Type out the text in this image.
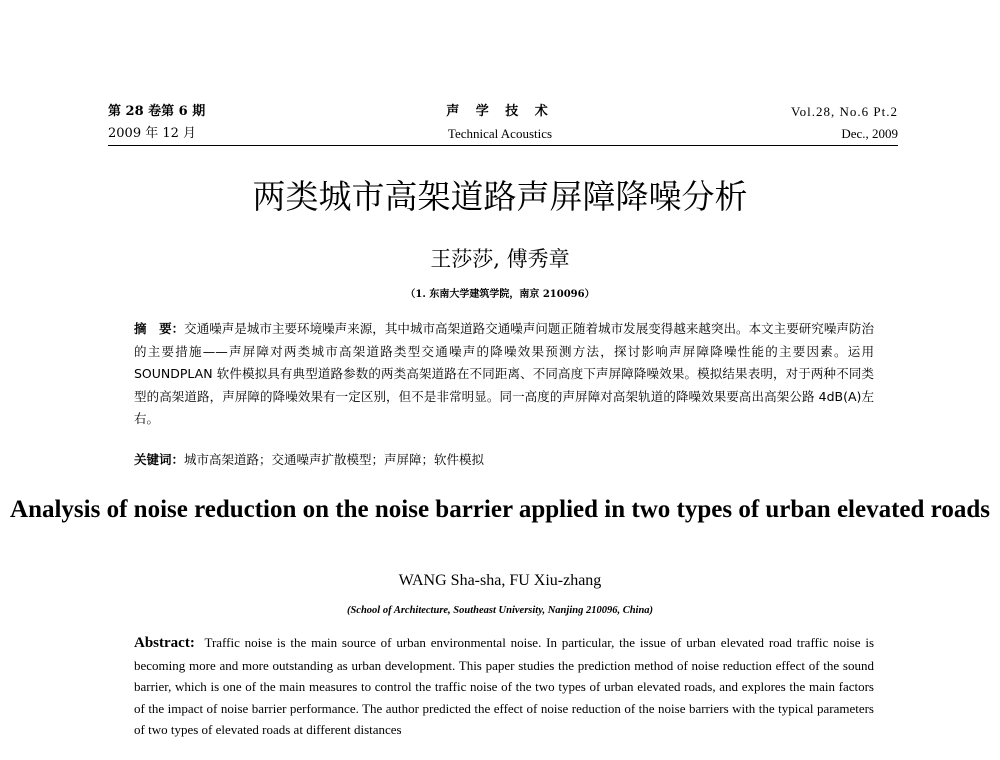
第 28 卷第 6 期
2009 年 12 月
声 学 技 术
Technical Acoustics
Vol.28, No.6 Pt.2
Dec., 2009
两类城市高架道路声屏障降噪分析
王莎莎, 傅秀章
（1. 东南大学建筑学院，南京 210096）
摘　要：交通噪声是城市主要环境噪声来源，其中城市高架道路交通噪声问题正随着城市发展变得越来越突出。本文主要研究噪声防治的主要措施——声屏障对两类城市高架道路类型交通噪声的降噪效果预测方法，探讨影响声屏障降噪性能的主要因素。运用 SOUNDPLAN 软件模拟具有典型道路参数的两类高架道路在不同距离、不同高度下声屏障降噪效果。模拟结果表明，对于两种不同类型的高架道路，声屏障的降噪效果有一定区别，但不是非常明显。同一高度的声屏障对高架轨道的降噪效果要高出高架公路 4dB(A)左右。
关键词：城市高架道路；交通噪声扩散模型；声屏障；软件模拟
Analysis of noise reduction on the noise barrier applied in two types of urban elevated roads
WANG Sha-sha, FU Xiu-zhang
(School of Architecture, Southeast University, Nanjing 210096, China)
Abstract: Traffic noise is the main source of urban environmental noise. In particular, the issue of urban elevated road traffic noise is becoming more and more outstanding as urban development. This paper studies the prediction method of noise reduction effect of the sound barrier, which is one of the main measures to control the traffic noise of the two types of urban elevated roads, and explores the main factors of the impact of noise barrier performance. The author predicted the effect of noise reduction of the noise barriers with the typical parameters of two types of elevated roads at different distances
